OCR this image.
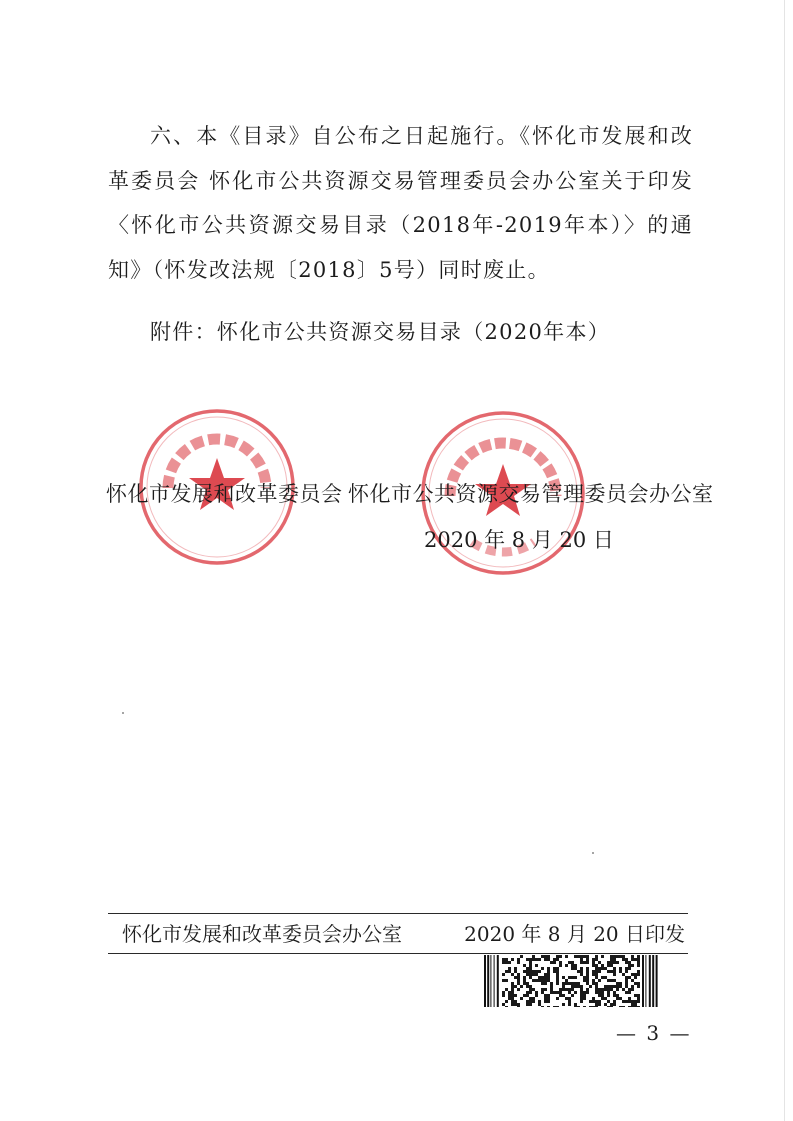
六、本《目录》自公布之日起施行。《怀化市发展和改革委员会 怀化市公共资源交易管理委员会办公室关于印发〈怀化市公共资源交易目录（2018年-2019年本）〉的通知》（怀发改法规〔2018〕5号）同时废止。

附件：怀化市公共资源交易目录（2020年本）

怀化市发展和改革委员会 怀化市公共资源交易管理委员会办公室
2020 年 8 月 20 日
怀化市发展和改革委员会办公室	2020 年 8 月 20 日印发
— 3 —
